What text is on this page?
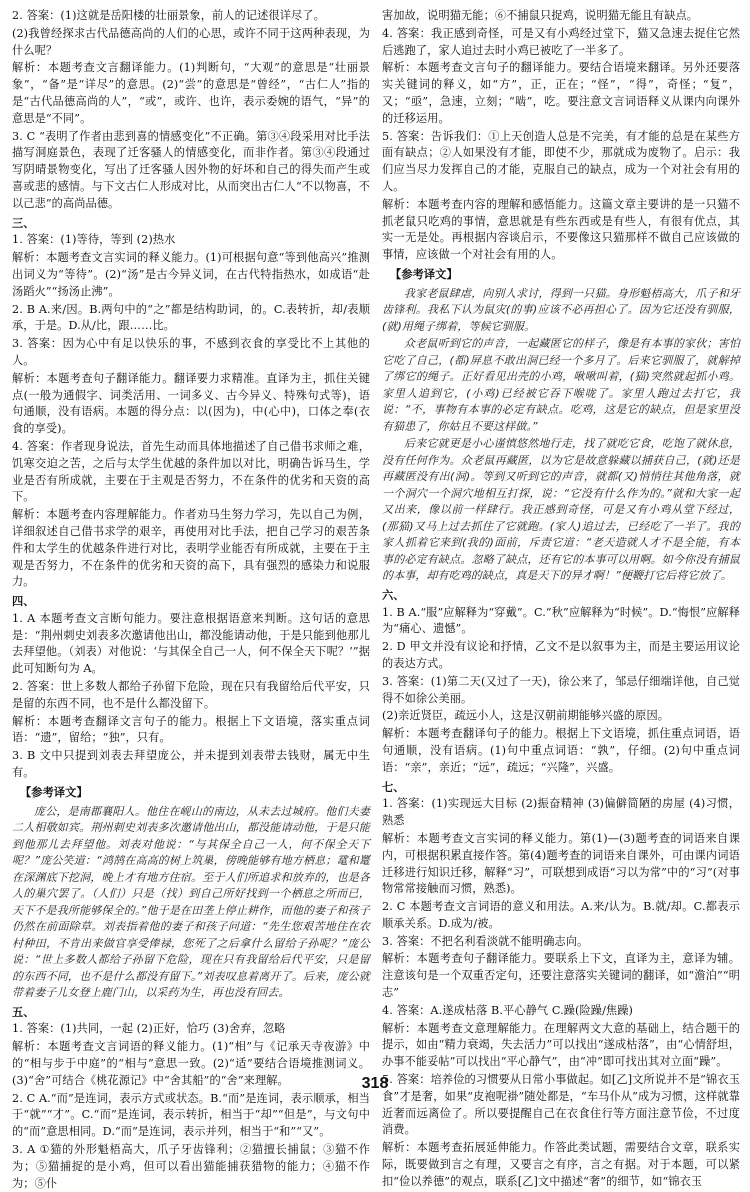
2. 答案：(1)这就是岳阳楼的壮丽景象，前人的记述很详尽了。
(2)我曾经探求古代品德高尚的人们的心思，或许不同于这两种表现，为什么呢？
解析：本题考查文言翻译能力。(1)判断句，“大观”的意思是“壮丽景象”，“备”是“详尽”的意思。(2)“尝”的意思是“曾经”，“古仁人”指的是“古代品德高尚的人”，“或”，或许、也许，表示委婉的语气，“异”的意思是“不同”。
3. C “表明了作者由悲到喜的情感变化”不正确。第③④段采用对比手法描写洞庭景色，表现了迁客骚人的情感变化，而非作者。第③④段通过写阴晴景物变化，写出了迁客骚人因外物的好坏和自己的得失而产生或喜或悲的感情。与下文古仁人形成对比，从而突出古仁人“不以物喜，不以己悲”的高尚品德。
三、
1. 答案：(1)等待，等到 (2)热水
解析：本题考查文言实词的释义能力。(1)可根据句意“等到他高兴”推测出词义为“等待”。(2)“汤”是古今异义词，在古代特指热水，如成语“赴汤蹈火”“扬汤止沸”。
2. B A.来/因。B.两句中的“之”都是结构助词，的。C.表转折，却/表顺承，于是。D.从/比，跟……比。
3. 答案：因为心中有足以快乐的事，不感到衣食的享受比不上其他的人。
解析：本题考查句子翻译能力。翻译要力求精准。直译为主，抓住关键点(一般为通假字、词类活用、一词多义、古今异义、特殊句式等)，语句通顺，没有语病。本题的得分点：以(因为)，中(心中)，口体之奉(衣食的享受)。
4. 答案：作者现身说法，首先生动而具体地描述了自己借书求师之难，饥寒交迫之苦，之后与太学生优越的条件加以对比，明确告诉马生，学业是否有所成就，主要在于主观是否努力，不在条件的优劣和天资的高下。
解析：本题考查内容理解能力。作者劝马生努力学习，先以自己为例，详细叙述自己借书求学的艰辛，再使用对比手法，把自己学习的艰苦条件和太学生的优越条件进行对比，表明学业能否有所成就，主要在于主观是否努力，不在条件的优劣和天资的高下，具有强烈的感染力和说服力。
四、
1. A 本题考查文言断句能力。要注意根据语意来判断。这句话的意思是：“荆州刺史刘表多次邀请他出山，都没能请动他，于是只能到他那儿去拜望他。（刘表）对他说：‘与其保全自己一人，何不保全天下呢？’”据此可知断句为 A。
2. 答案：世上多数人都给子孙留下危险，现在只有我留给后代平安，只是留的东西不同，也不是什么都没留下。
解析：本题考查翻译文言句子的能力。根据上下文语境，落实重点词语：“遗”，留给；“独”，只有。
3. B 文中只提到刘表去拜望庞公，并未提到刘表带去钱财，属无中生有。
【参考译文】
庞公，是南郡襄阳人。他住在岘山的南边，从未去过城府。他们夫妻二人相敬如宾。荆州刺史刘表多次邀请他出山，都没能请动他，于是只能到他那儿去拜望他。刘表对他说：“与其保全自己一人，何不保全天下呢？”庞公笑道：“鸿鹄在高高的树上筑巢，傍晚能够有地方栖息；鼋和鼍在深渊底下挖洞，晚上才有地方住宿。至于人们所追求和放弃的，也是各人的巢穴罢了。（人们）只是（找）到自己所好找到一个栖息之所而已，天下不是我所能够保全的。”他于是在田垄上停止耕作，而他的妻子和孩子仍然在前面除草。刘表指着他的妻子和孩子问道：“先生您艰苦地住在农村种田，不肯出来做官享受俸禄，您死了之后拿什么留给子孙呢？”庞公说：“世上多数人都给子孙留下危险，现在只有我留给后代平安，只是留的东西不同，也不是什么都没有留下。”刘表叹息着离开了。后来，庞公就带着妻子儿女登上鹿门山，以采药为生，再也没有回去。
五、
1. 答案：(1)共同，一起 (2)正好，恰巧 (3)舍弃，忽略
解析：本题考查文言词语的释义能力。(1)“相”与《记承天寺夜游》中的“相与步于中庭”的“相与”意思一致。(2)“适”要结合语境推测词义。(3)“舍”可结合《桃花源记》中“舍其船”的“舍”来理解。
2. C A.“而”是连词，表示方式或状态。B.“而”是连词，表示顺承，相当于“就”“才”。C.“而”是连词，表示转折，相当于“却”“但是”，与文句中的“而”意思相同。D.“而”是连词，表示并列，相当于“和”“又”。
3. A ①猫的外形魁梧高大，爪子牙齿锋利；②猫擅长捕鼠；③猫不作为；⑤猫捕捉的是小鸡，但可以看出猫能捕获猎物的能力；④猫不作为；⑤仆
害加故，说明猫无能；⑥不捕鼠只捉鸡，说明猫无能且有缺点。
4. 答案：我正感到奇怪，可是又有小鸡经过堂下，猫又急速去捉住它然后逃跑了，家人追过去时小鸡已被吃了一半多了。
解析：本题考查文言句子的翻译能力。要结合语境来翻译。另外还要落实关键词的释义，如“方”，正，正在；“怪”，“得”，奇怪；“复”，又；“亟”，急速，立刻；“啮”，吃。要注意文言词语释义从课内向课外的迁移运用。
5. 答案：告诉我们：①上天创造人总是不完美，有才能的总是在某些方面有缺点；②人如果没有才能，即使不少，那就成为废物了。启示：我们应当尽力发挥自己的才能，克服自己的缺点，成为一个对社会有用的人。
解析：本题考查内容的理解和感悟能力。这篇文章主要讲的是一只猫不抓老鼠只吃鸡的事情，意思就是有些东西或是有些人，有很有优点，其实一无是处。再根据内容谈启示，不要像这只猫那样不做自己应该做的事情，应该做一个对社会有用的人。
【参考译文】
我家老鼠肆虐，向别人求讨，得到一只猫。身形魁梧高大，爪子和牙齿锋利。我私下认为鼠灾(的事)应该不必再担心了。因为它还没有驯服，(就)用绳子绑着，等候它驯服。
众老鼠听到它的声音，一起藏匿它的样子，像是有本事的家伙；害怕它吃了自己，(都)屏息不敢出洞已经一个多月了。后来它驯服了，就解掉了绑它的绳子。正好看见出壳的小鸡，啾啾叫着，(猫)突然就起抓小鸡。家里人追到它，(小鸡)已经被它吞下喉咙了。家里人跑过去打它，我说：“不，事物有本事的必定有缺点。吃鸡，这是它的缺点，但是家里没有猫患了，你姑且不要这样做。”
后来它就更是小心谨慎悠然地行走，找了就吃它食，吃饱了就休息，没有任何作为。众老鼠再藏匿，以为它是故意躲藏以捕获自己，(就)还是再藏匿没有出(洞)。等到又听到它的声音，就都(又)悄悄往其他角落，就一个洞穴一个洞穴地相互打探，说：“它没有什么作为的。”就和大家一起又出来，像以前一样肆行。我正感到奇怪，可是又有小鸡从堂下经过，(那猫)又马上过去抓住了它就跑。(家人)追过去，已经吃了一半了。我的家人抓着它来到(我的)面前，斥责它道：“老天造就人才不是全能，有本事的必定有缺点。忽略了缺点，还有它的本事可以用啊。如今你没有捕鼠的本事，却有吃鸡的缺点，真是天下的异才啊！”便鞭打它后将它放了。
六、
1. B A.“服”应解释为“穿戴”。C.“秋”应解释为“时候”。D.“悔恨”应解释为“痛心、遗憾”。
2. D 甲文并没有议论和抒情，乙文不是以叙事为主，而是主要运用议论的表达方式。
3. 答案：(1)第二天(又过了一天)，徐公来了，邹忌仔细端详他，自己觉得不如徐公美丽。
(2)亲近贤臣，疏远小人，这是汉朝前期能够兴盛的原因。
解析：本题考查翻译句子的能力。根据上下文语境，抓住重点词语，语句通顺，没有语病。(1)句中重点词语：“孰”，仔细。(2)句中重点词语：“亲”，亲近；“远”，疏远；“兴隆”，兴盛。
七、
1. 答案：(1)实现远大目标 (2)振奋精神 (3)偏僻简陋的房屋 (4)习惯，熟悉
解析：本题考查文言实词的释义能力。第(1)—(3)题考查的词语来自课内，可根据积累直接作答。第(4)题考查的词语来自课外，可由课内词语迁移进行知识迁移，解释“习”，可联想到成语“习以为常”中的“习”(对事物常常接触而习惯，熟悉)。
2. C 本题考查文言词语的意义和用法。A.来/认为。B.就/却。C.都表示顺承关系。D.成为/被。
3. 答案：不把名利看淡就不能明确志向。
解析：本题考查句子翻译能力。要联系上下文，直译为主，意译为辅。注意该句是一个双重否定句，还要注意落实关键词的翻译，如“澹泊”“明志”
4. 答案：A.遂成枯落 B.平心静气 C.躁(险躁/焦躁)
解析：本题考查文意理解能力。在理解两文大意的基础上，结合题干的提示，如由“精力衰竭，失去活力”可以找出“遂成枯落”，由“心情舒坦，办事不能妥帖”可以找出“平心静气”，由“冲”即可找出其对立面“躁”。
5. 答案：培养俭的习惯要从日常小事做起。如[乙]文所说并不是“锦衣玉食”才是奢，如果“皮袍呢褂”随处都是，“车马仆从”成为习惯，这样就靠近奢而远离俭了。所以要提醒自己在衣食住行等方面注意节俭，不过度消费。
解析：本题考查拓展延伸能力。作答此类试题，需要结合文章，联系实际，既要做到言之有理，又要言之有序，言之有据。对于本题，可以紧扣“俭以养德”的观点，联系[乙]文中描述“奢”的细节，如“锦衣玉
318
